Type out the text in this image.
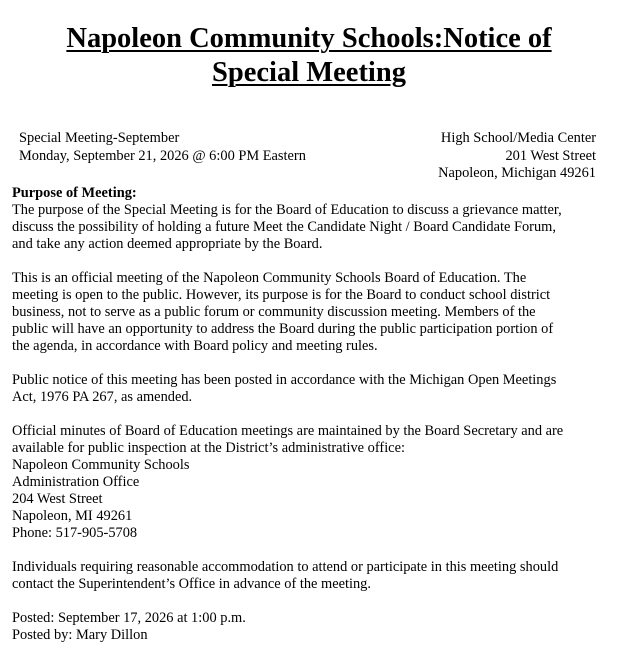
Napoleon Community Schools:Notice of
Special Meeting
Special Meeting-September
Monday, September 21, 2026 @ 6:00 PM Eastern
High School/Media Center
201 West Street
Napoleon, Michigan 49261

Purpose of Meeting:
The purpose of the Special Meeting is for the Board of Education to discuss a grievance matter,
discuss the possibility of holding a future Meet the Candidate Night / Board Candidate Forum,
and take any action deemed appropriate by the Board.

This is an official meeting of the Napoleon Community Schools Board of Education. The
meeting is open to the public. However, its purpose is for the Board to conduct school district
business, not to serve as a public forum or community discussion meeting. Members of the
public will have an opportunity to address the Board during the public participation portion of
the agenda, in accordance with Board policy and meeting rules.

Public notice of this meeting has been posted in accordance with the Michigan Open Meetings
Act, 1976 PA 267, as amended.

Official minutes of Board of Education meetings are maintained by the Board Secretary and are
available for public inspection at the District’s administrative office:
Napoleon Community Schools
Administration Office
204 West Street
Napoleon, MI 49261
Phone: 517-905-5708

Individuals requiring reasonable accommodation to attend or participate in this meeting should
contact the Superintendent’s Office in advance of the meeting.

Posted: September 17, 2026 at 1:00 p.m.
Posted by: Mary Dillon
